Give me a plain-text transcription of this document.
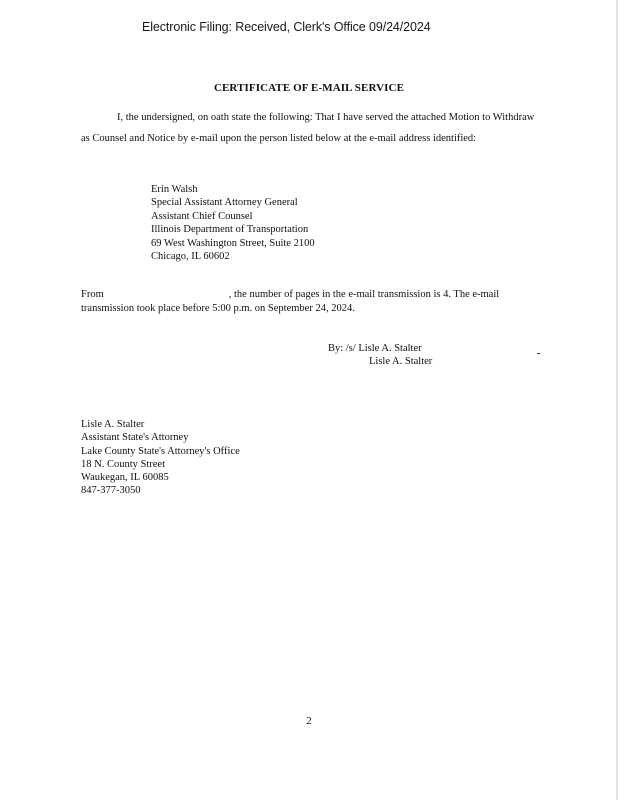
Electronic Filing: Received, Clerk's Office 09/24/2024
CERTIFICATE OF E-MAIL SERVICE
I, the undersigned, on oath state the following: That I have served the attached Motion to Withdraw as Counsel and Notice by e-mail upon the person listed below at the e-mail address identified:
Erin Walsh
Special Assistant Attorney General
Assistant Chief Counsel
Illinois Department of Transportation
69 West Washington Street, Suite 2100
Chicago, IL 60602
From	, the number of pages in the e-mail transmission is 4. The e-mail transmission took place before 5:00 p.m. on September 24, 2024.
By: /s/ Lisle A. Stalter
Lisle A. Stalter
Lisle A. Stalter
Assistant State's Attorney
Lake County State's Attorney's Office
18 N. County Street
Waukegan, IL 60085
847-377-3050
2
